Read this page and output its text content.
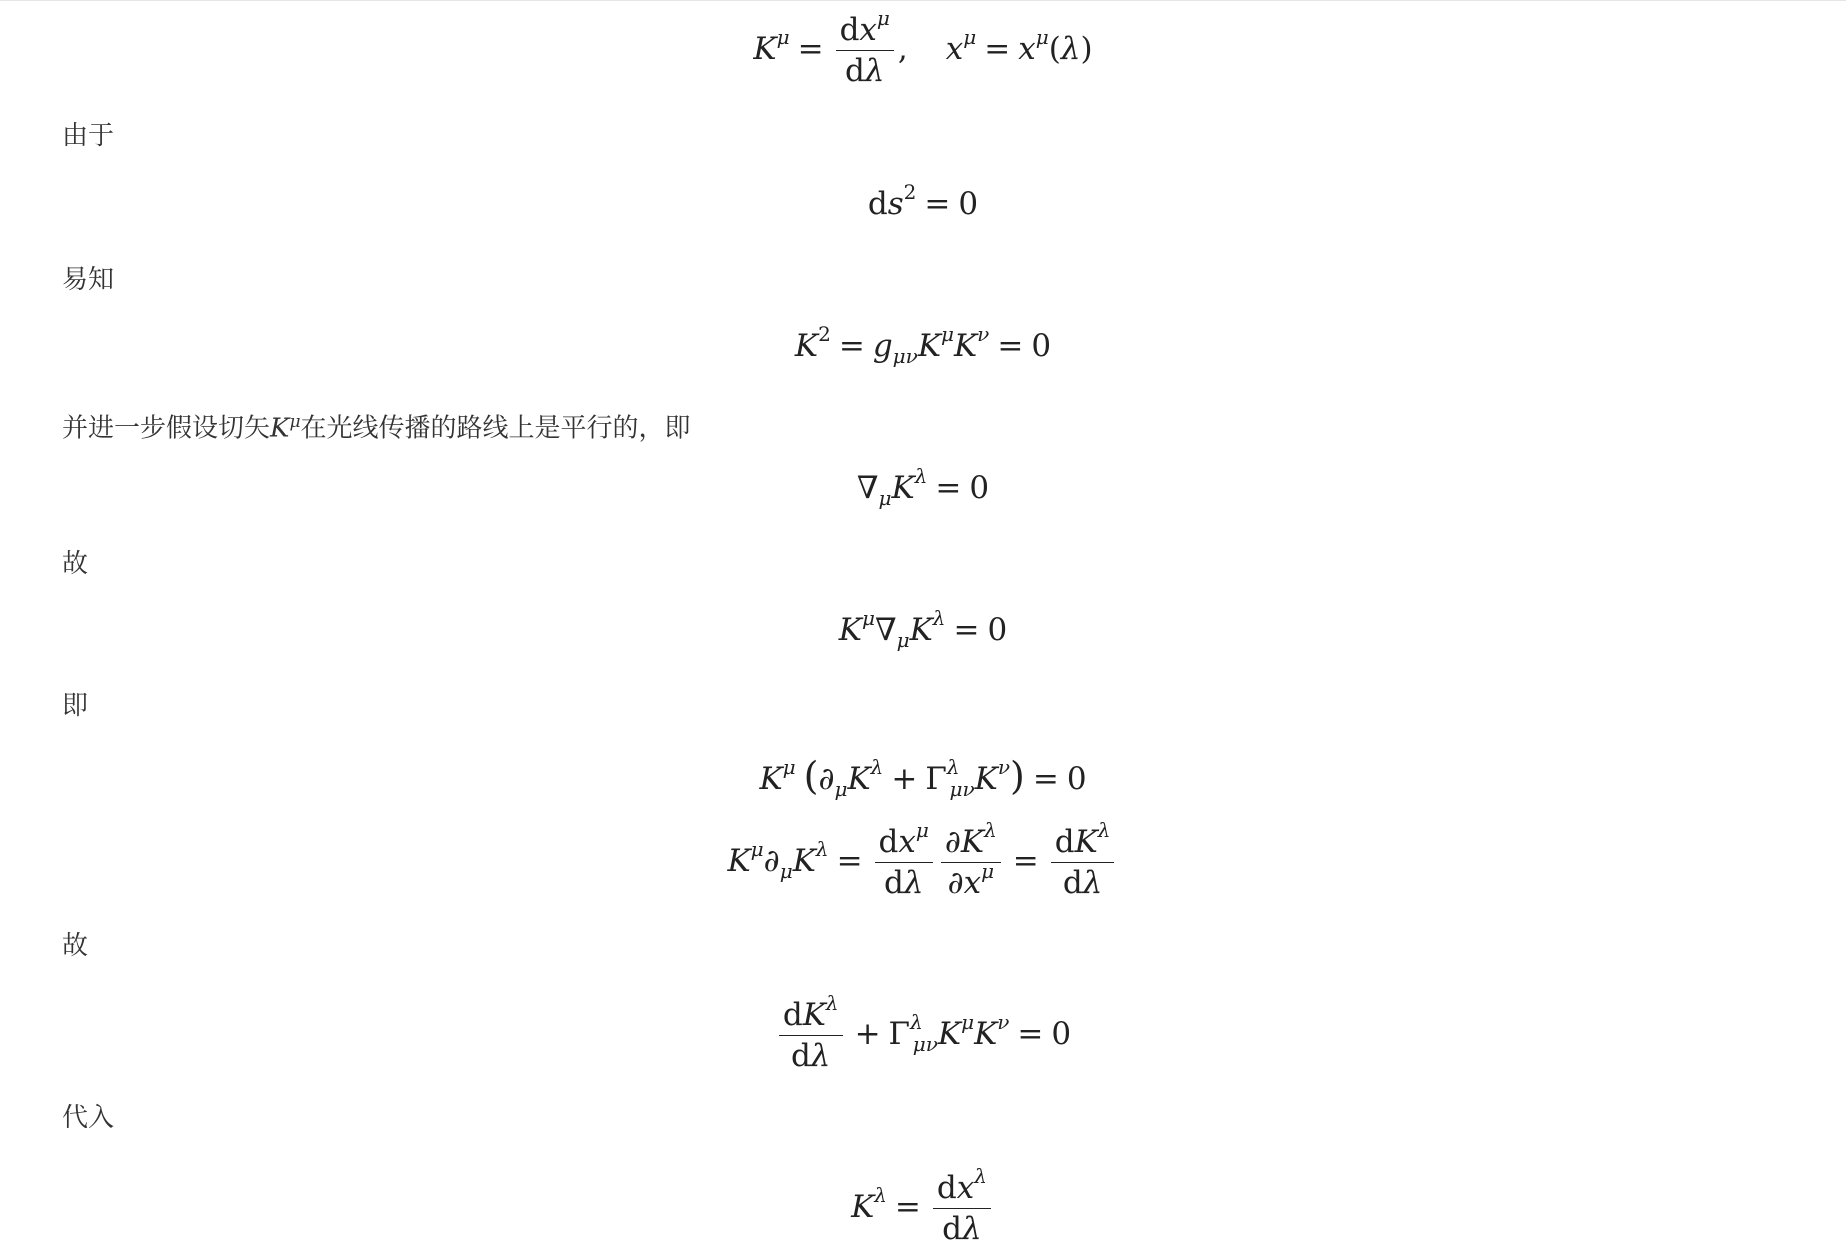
$K^\mu = \frac{dx^\mu}{d\lambda}$ , $x^\mu = x^\mu(\lambda)$
由于
$ds^2 = 0$
易知
$K^2 = g_{\mu\nu}K^\mu K^\nu = 0$
并进一步假设切矢$K^\mu$在光线传播的路线上是平行的，即
$\nabla_\mu K^\lambda = 0$
故
$K^\mu\nabla_\mu K^\lambda = 0$
即
$K^\mu$ $(\partial_\mu K^\lambda + \Gamma^\lambda_{\mu\nu}K^\nu) = 0$
$K^\mu\partial_\mu K^\lambda = \frac{dx^\mu}{d\lambda} \frac{\partial K^\lambda}{\partial x^\mu} = \frac{dK^\lambda}{d\lambda}$
故
$\frac{dK^\lambda}{d\lambda} + \Gamma^\lambda_{\mu\nu}K^\mu K^\nu = 0$
代入
$K^\lambda = \frac{dx^\lambda}{d\lambda}$
